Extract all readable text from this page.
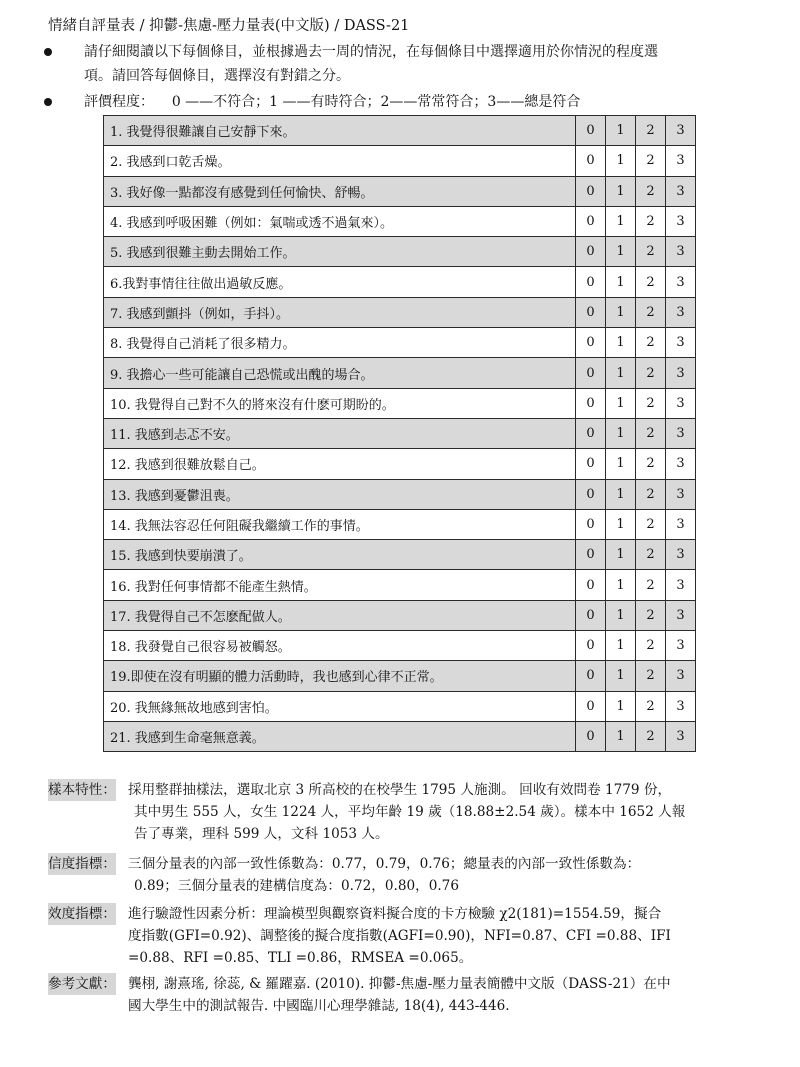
情緒自評量表 / 抑鬱-焦慮-壓力量表(中文版) / DASS-21
請仔細閱讀以下每個條目，並根據過去一周的情況，在每個條目中選擇適用於你情況的程度選
項。請回答每個條目，選擇沒有對錯之分。
評價程度： 0 ——不符合；1 ——有時符合；2——常常符合；3——總是符合
1. 我覺得很難讓自己安靜下來。	0	1	2	3
2. 我感到口乾舌燥。	0	1	2	3
3. 我好像一點都沒有感覺到任何愉快、舒暢。	0	1	2	3
4. 我感到呼吸困難（例如：氣喘或透不過氣來）。	0	1	2	3
5. 我感到很難主動去開始工作。	0	1	2	3
6.我對事情往往做出過敏反應。	0	1	2	3
7. 我感到顫抖（例如，手抖）。	0	1	2	3
8. 我覺得自己消耗了很多精力。	0	1	2	3
9. 我擔心一些可能讓自己恐慌或出醜的場合。	0	1	2	3
10. 我覺得自己對不久的將來沒有什麽可期盼的。	0	1	2	3
11. 我感到忐忑不安。	0	1	2	3
12. 我感到很難放鬆自己。	0	1	2	3
13. 我感到憂鬱沮喪。	0	1	2	3
14. 我無法容忍任何阻礙我繼續工作的事情。	0	1	2	3
15. 我感到快要崩潰了。	0	1	2	3
16. 我對任何事情都不能產生熱情。	0	1	2	3
17. 我覺得自己不怎麽配做人。	0	1	2	3
18. 我發覺自己很容易被觸怒。	0	1	2	3
19.即使在沒有明顯的體力活動時，我也感到心律不正常。	0	1	2	3
20. 我無緣無故地感到害怕。	0	1	2	3
21. 我感到生命毫無意義。	0	1	2	3
樣本特性： 採用整群抽樣法，選取北京 3 所高校的在校學生 1795 人施測。 回收有效問卷 1779 份，
其中男生 555 人，女生 1224 人，平均年齡 19 歲（18.88±2.54 歲）。樣本中 1652 人報
告了專業，理科 599 人，文科 1053 人。
信度指標： 三個分量表的內部一致性係數為：0.77，0.79，0.76；總量表的內部一致性係數為：
0.89；三個分量表的建構信度為：0.72，0.80，0.76
效度指標： 進行驗證性因素分析：理論模型與觀察資料擬合度的卡方檢驗 χ2(181)=1554.59，擬合
度指數(GFI=0.92)、調整後的擬合度指數(AGFI=0.90)，NFI=0.87、CFI =0.88、IFI
=0.88、RFI =0.85、TLI =0.86，RMSEA =0.065。
參考文獻： 龔栩, 謝熹瑤, 徐蕊, & 羅躍嘉. (2010). 抑鬱-焦慮-壓力量表簡體中文版（DASS-21）在中
國大學生中的測試報告. 中國臨川心理學雜誌, 18(4), 443-446.
